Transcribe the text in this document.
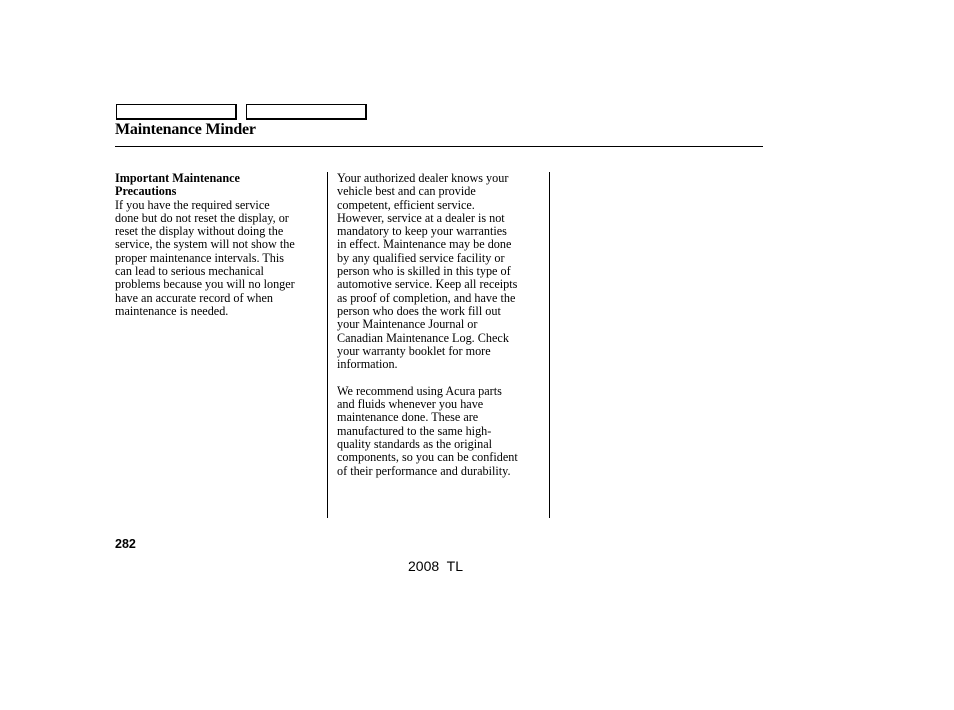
Maintenance Minder

Important Maintenance
Precautions

If you have the required service
done but do not reset the display, or
reset the display without doing the
service, the system will not show the
proper maintenance intervals. This
can lead to serious mechanical
problems because you will no longer
have an accurate record of when
maintenance is needed.

Your authorized dealer knows your
vehicle best and can provide
competent, efficient service.
However, service at a dealer is not
mandatory to keep your warranties
in effect. Maintenance may be done
by any qualified service facility or
person who is skilled in this type of
automotive service. Keep all receipts
as proof of completion, and have the
person who does the work fill out
your Maintenance Journal or
Canadian Maintenance Log. Check
your warranty booklet for more
information.

We recommend using Acura parts
and fluids whenever you have
maintenance done. These are
manufactured to the same high-
quality standards as the original
components, so you can be confident
of their performance and durability.

282
2008  TL
